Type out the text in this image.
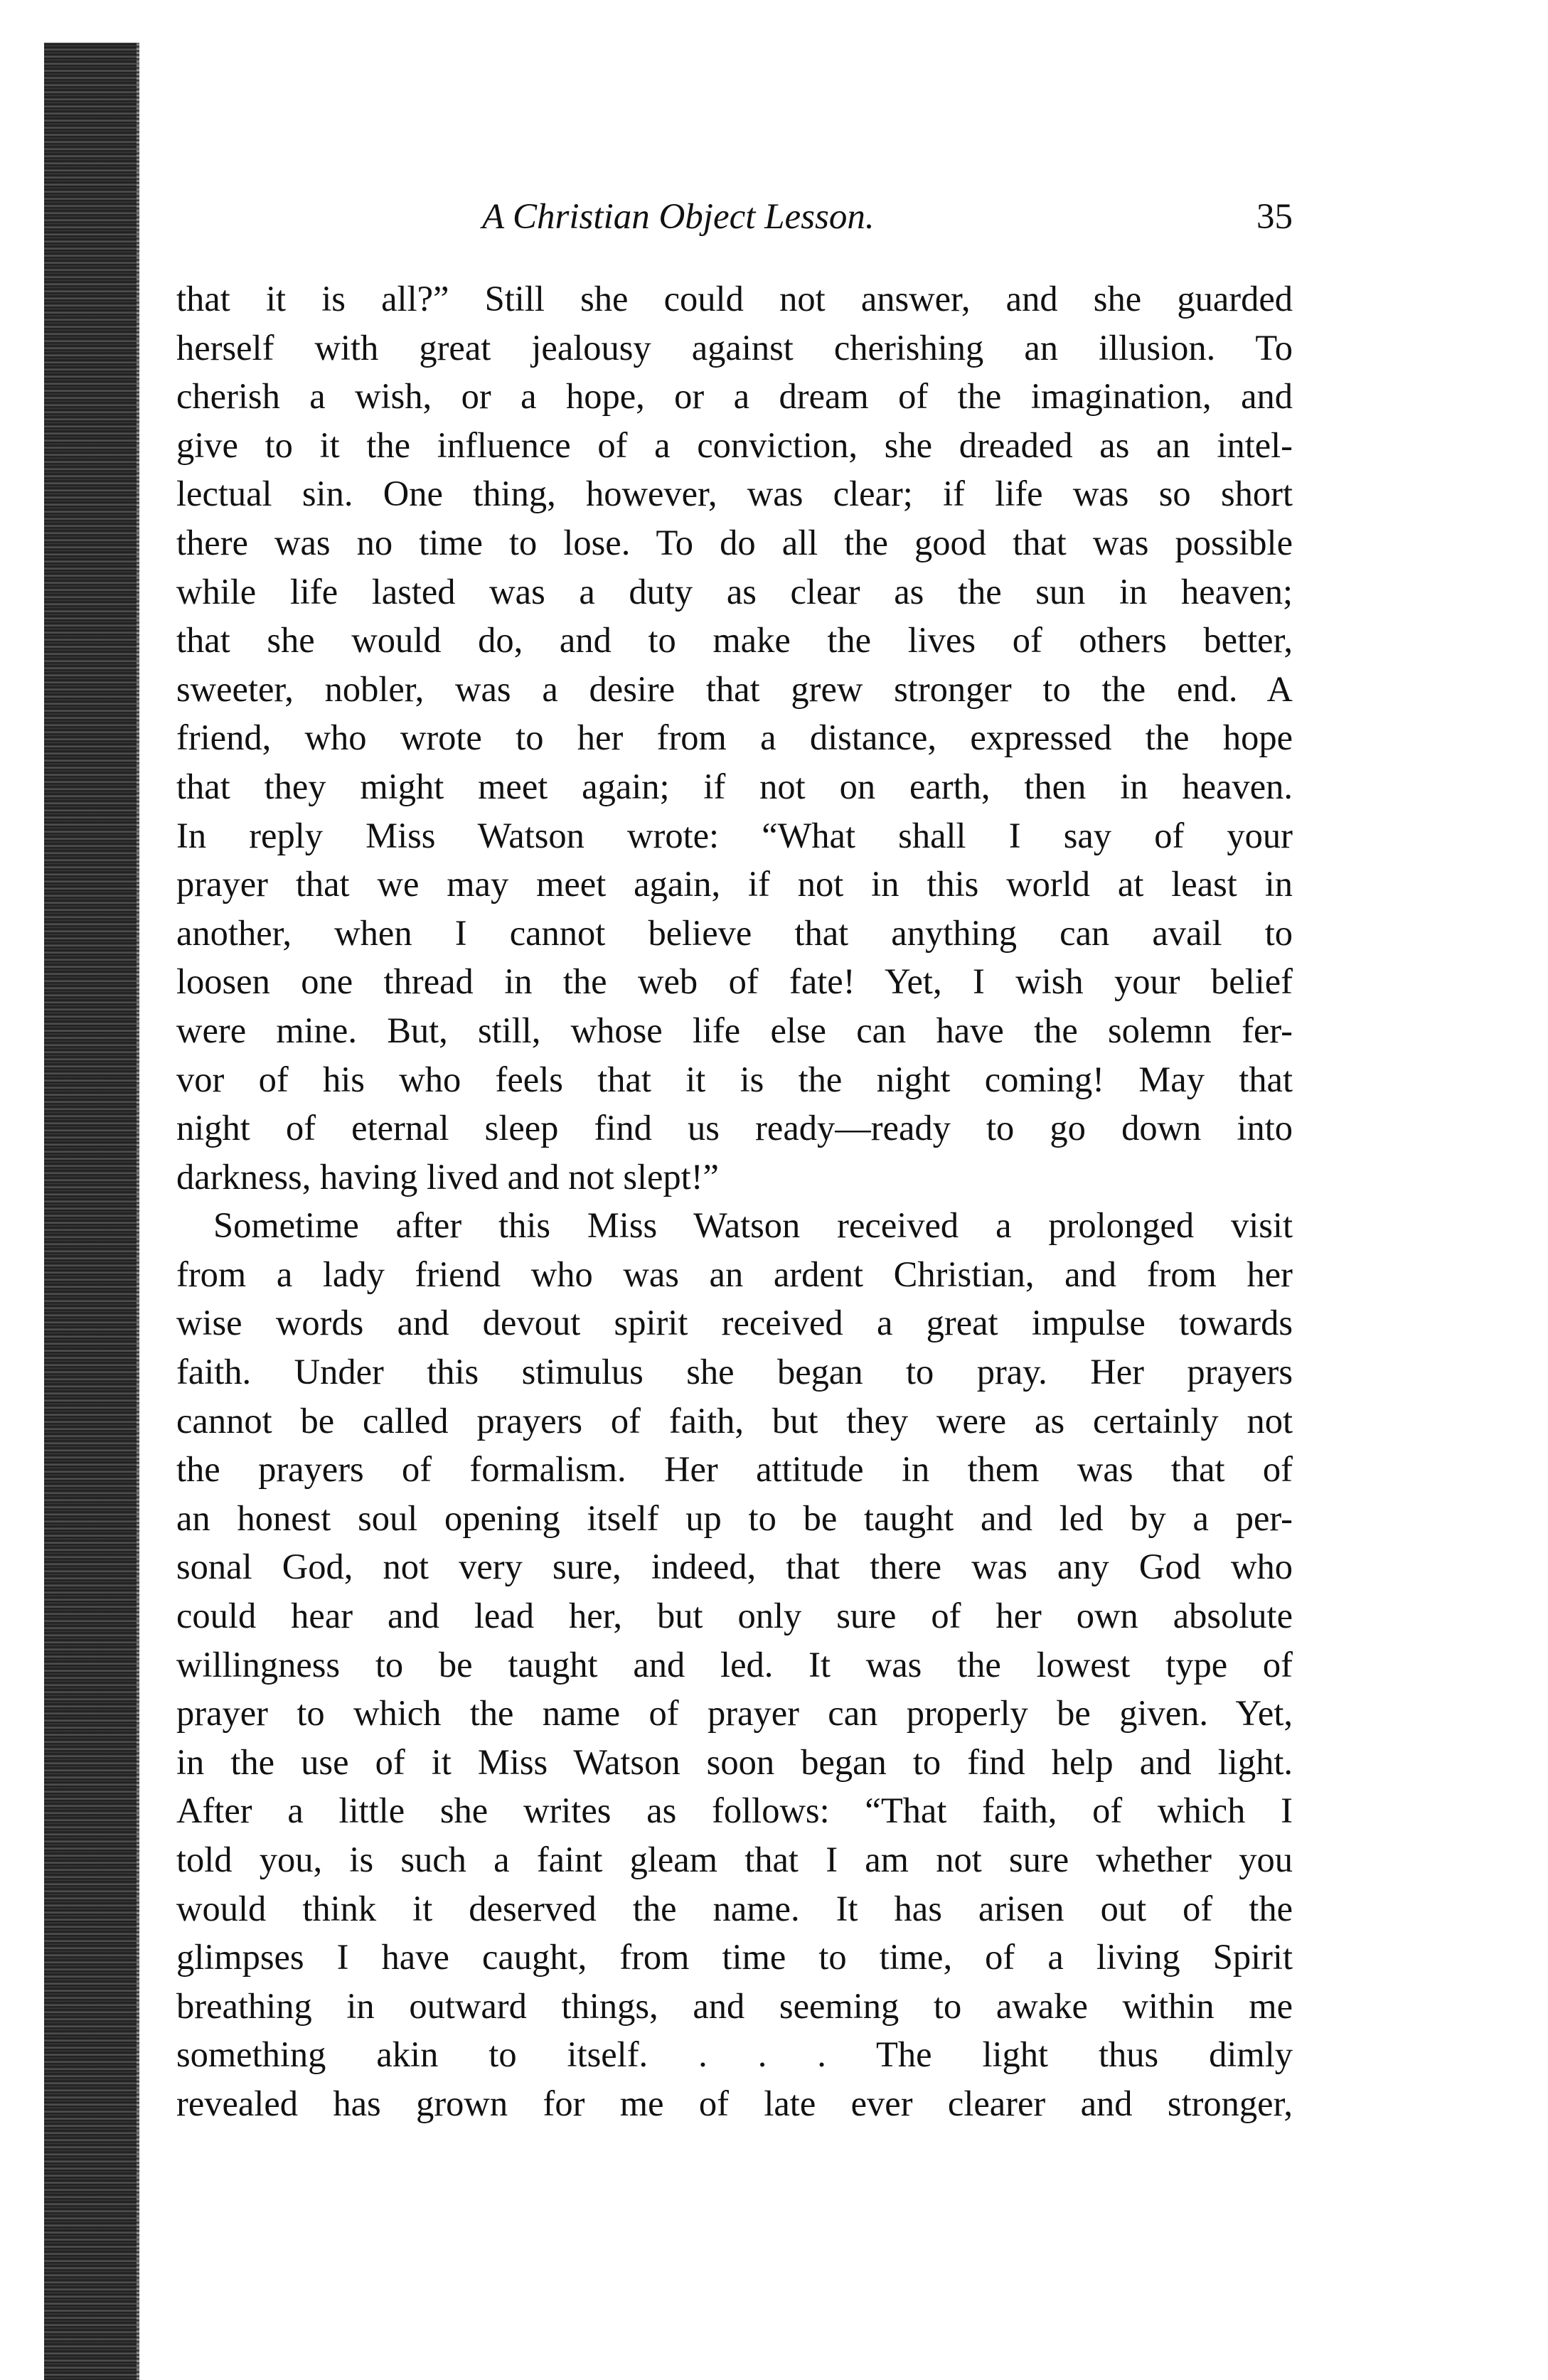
A Christian Object Lesson.	35
that it is all?” Still she could not answer, and she guarded
herself with great jealousy against cherishing an illusion. To
cherish a wish, or a hope, or a dream of the imagination, and
give to it the influence of a conviction, she dreaded as an intel-
lectual sin. One thing, however, was clear; if life was so short
there was no time to lose. To do all the good that was possible
while life lasted was a duty as clear as the sun in heaven;
that she would do, and to make the lives of others better,
sweeter, nobler, was a desire that grew stronger to the end. A
friend, who wrote to her from a distance, expressed the hope
that they might meet again; if not on earth, then in heaven.
In reply Miss Watson wrote: “What shall I say of your
prayer that we may meet again, if not in this world at least in
another, when I cannot believe that anything can avail to
loosen one thread in the web of fate! Yet, I wish your belief
were mine. But, still, whose life else can have the solemn fer-
vor of his who feels that it is the night coming! May that
night of eternal sleep find us ready—ready to go down into
darkness, having lived and not slept!”
Sometime after this Miss Watson received a prolonged visit
from a lady friend who was an ardent Christian, and from her
wise words and devout spirit received a great impulse towards
faith. Under this stimulus she began to pray. Her prayers
cannot be called prayers of faith, but they were as certainly not
the prayers of formalism. Her attitude in them was that of
an honest soul opening itself up to be taught and led by a per-
sonal God, not very sure, indeed, that there was any God who
could hear and lead her, but only sure of her own absolute
willingness to be taught and led. It was the lowest type of
prayer to which the name of prayer can properly be given. Yet,
in the use of it Miss Watson soon began to find help and light.
After a little she writes as follows: “That faith, of which I
told you, is such a faint gleam that I am not sure whether you
would think it deserved the name. It has arisen out of the
glimpses I have caught, from time to time, of a living Spirit
breathing in outward things, and seeming to awake within me
something akin to itself. . . . The light thus dimly
revealed has grown for me of late ever clearer and stronger,
